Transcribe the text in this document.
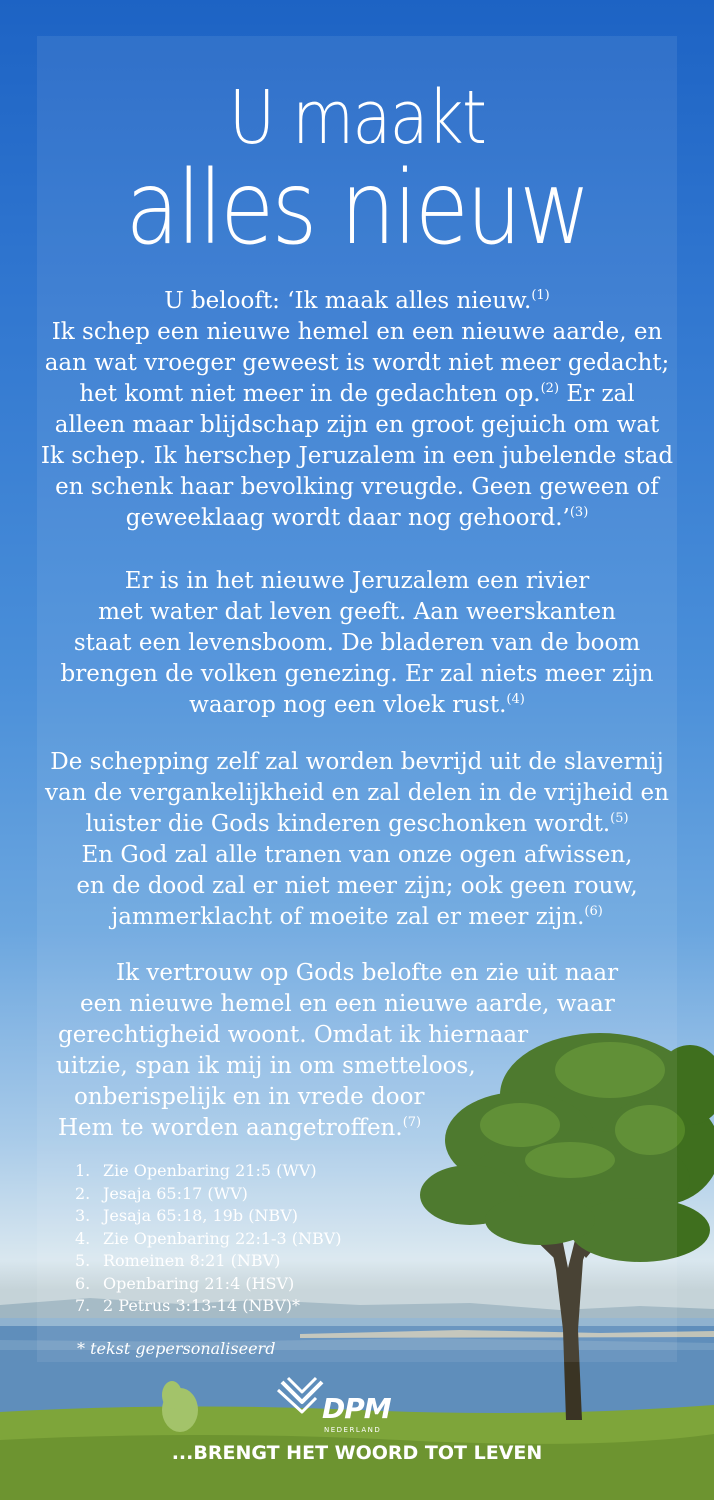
U maakt
alles nieuw
U belooft: ‘Ik maak alles nieuw.$^{(1)}$
Ik schep een nieuwe hemel en een nieuwe aarde, en
aan wat vroeger geweest is wordt niet meer gedacht;
het komt niet meer in de gedachten op.$^{(2)}$ Er zal
alleen maar blijdschap zijn en groot gejuich om wat
Ik schep. Ik herschep Jeruzalem in een jubelende stad
en schenk haar bevolking vreugde. Geen geween of
geweeklaag wordt daar nog gehoord.’$^{(3)}$
Er is in het nieuwe Jeruzalem een rivier
met water dat leven geeft. Aan weerskanten
staat een levensboom. De bladeren van de boom
brengen de volken genezing. Er zal niets meer zijn
waarop nog een vloek rust.$^{(4)}$
De schepping zelf zal worden bevrijd uit de slavernij
van de vergankelijkheid en zal delen in de vrijheid en
luister die Gods kinderen geschonken wordt.$^{(5)}$
En God zal alle tranen van onze ogen afwissen,
en de dood zal er niet meer zijn; ook geen rouw,
jammerklacht of moeite zal er meer zijn.$^{(6)}$
Ik vertrouw op Gods belofte en zie uit naar
een nieuwe hemel en een nieuwe aarde, waar
gerechtigheid woont. Omdat ik hiernaar
uitzie, span ik mij in om smetteloos,
onberispelijk en in vrede door
Hem te worden aangetroffen.$^{(7)}$
1. Zie Openbaring 21:5 (WV)
2. Jesaja 65:17 (WV)
3. Jesaja 65:18, 19b (NBV)
4. Zie Openbaring 22:1-3 (NBV)
5. Romeinen 8:21 (NBV)
6. Openbaring 21:4 (HSV)
7. 2 Petrus 3:13-14 (NBV)*
* tekst gepersonaliseerd
DPM
NEDERLAND
...BRENGT HET WOORD TOT LEVEN
